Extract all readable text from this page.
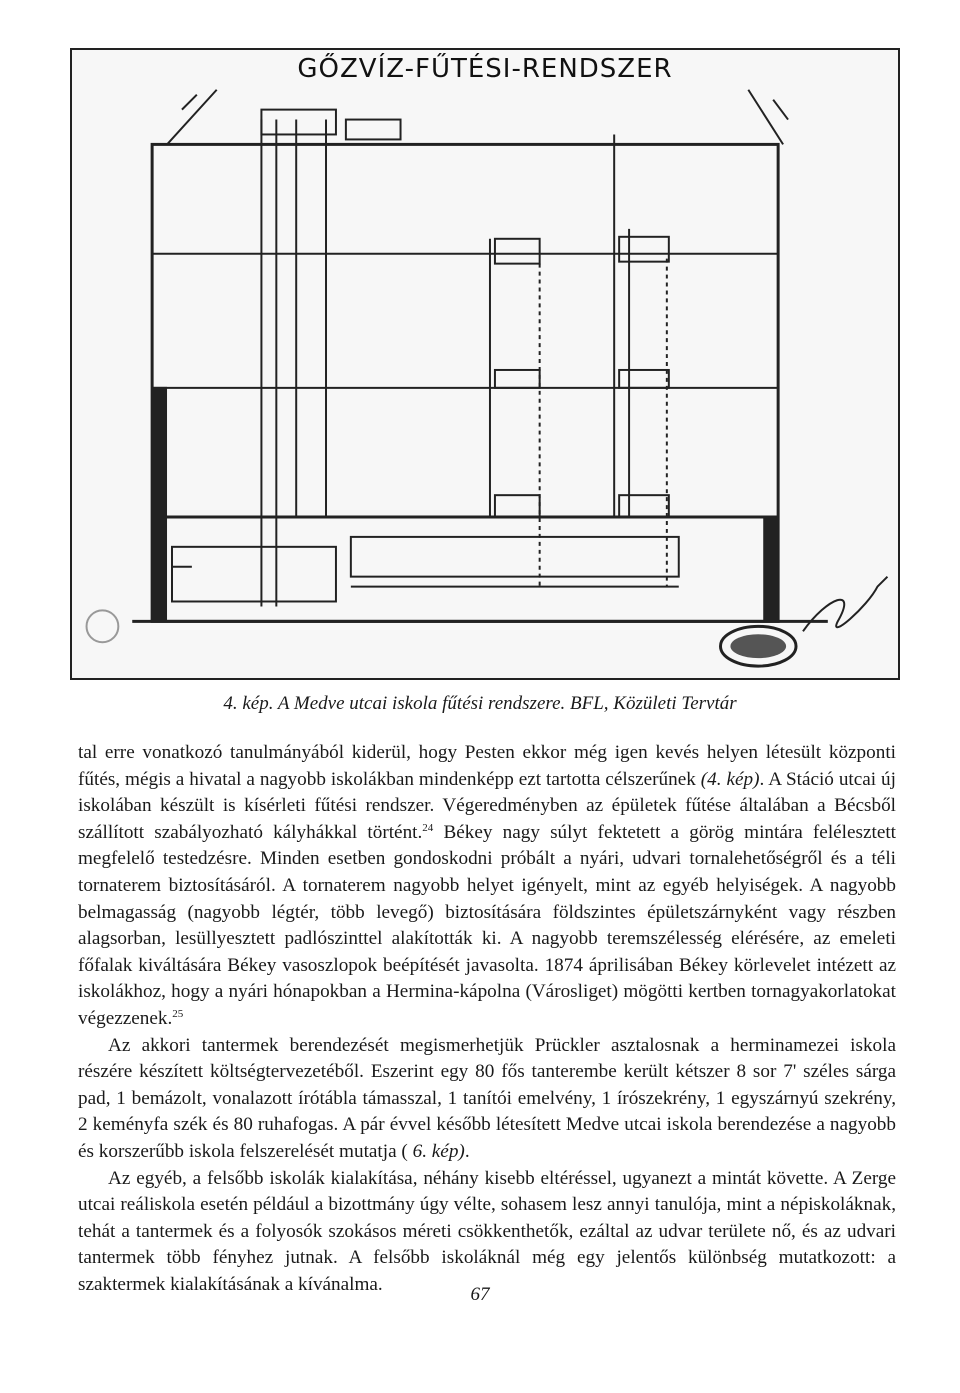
GŐZVÍZ-FŰTÉSI-RENDSZER
4. kép. A Medve utcai iskola fűtési rendszere. BFL, Közületi Tervtár

tal erre vonatkozó tanulmányából kiderül, hogy Pesten ekkor még igen kevés helyen létesült központi fűtés, mégis a hivatal a nagyobb iskolákban mindenképp ezt tartotta célszerűnek (4. kép). A Stáció utcai új iskolában készült is kísérleti fűtési rendszer. Végeredményben az épületek fűtése általában a Bécsből szállított szabályozható kályhákkal történt.$^{24}$ Békey nagy súlyt fektetett a görög mintára felélesztett megfelelő testedzésre. Minden esetben gondoskodni próbált a nyári, udvari tornalehetőségről és a téli tornaterem biztosításáról. A tornaterem nagyobb helyet igényelt, mint az egyéb helyiségek. A nagyobb belmagasság (nagyobb légtér, több levegő) biztosítására földszintes épületszárnyként vagy részben alagsorban, lesüllyesztett padlószinttel alakították ki. A nagyobb teremszélesség elérésére, az emeleti főfalak kiváltására Békey vasoszlopok beépítését javasolta. 1874 áprilisában Békey körlevelet intézett az iskolákhoz, hogy a nyári hónapokban a Hermina-kápolna (Városliget) mögötti kertben tornagyakorlatokat végezzenek.$^{25}$

Az akkori tantermek berendezését megismerhetjük Prückler asztalosnak a herminamezei iskola részére készített költségtervezetéből. Eszerint egy 80 fős tanterembe került kétszer 8 sor 7' széles sárga pad, 1 bemázolt, vonalazott írótábla támasszal, 1 tanítói emelvény, 1 írószekrény, 1 egyszárnyú szekrény, 2 keményfa szék és 80 ruhafogas. A pár évvel később létesített Medve utcai iskola berendezése a nagyobb és korszerűbb iskola felszerelését mutatja ( 6. kép).

Az egyéb, a felsőbb iskolák kialakítása, néhány kisebb eltéréssel, ugyanezt a mintát követte. A Zerge utcai reáliskola esetén például a bizottmány úgy vélte, sohasem lesz annyi tanulója, mint a népiskoláknak, tehát a tantermek és a folyosók szokásos méreti csökkenthetők, ezáltal az udvar területe nő, és az udvari tantermek több fényhez jutnak. A felsőbb iskoláknál még egy jelentős különbség mutatkozott: a szaktermek kialakításának a kívánalma.	67
